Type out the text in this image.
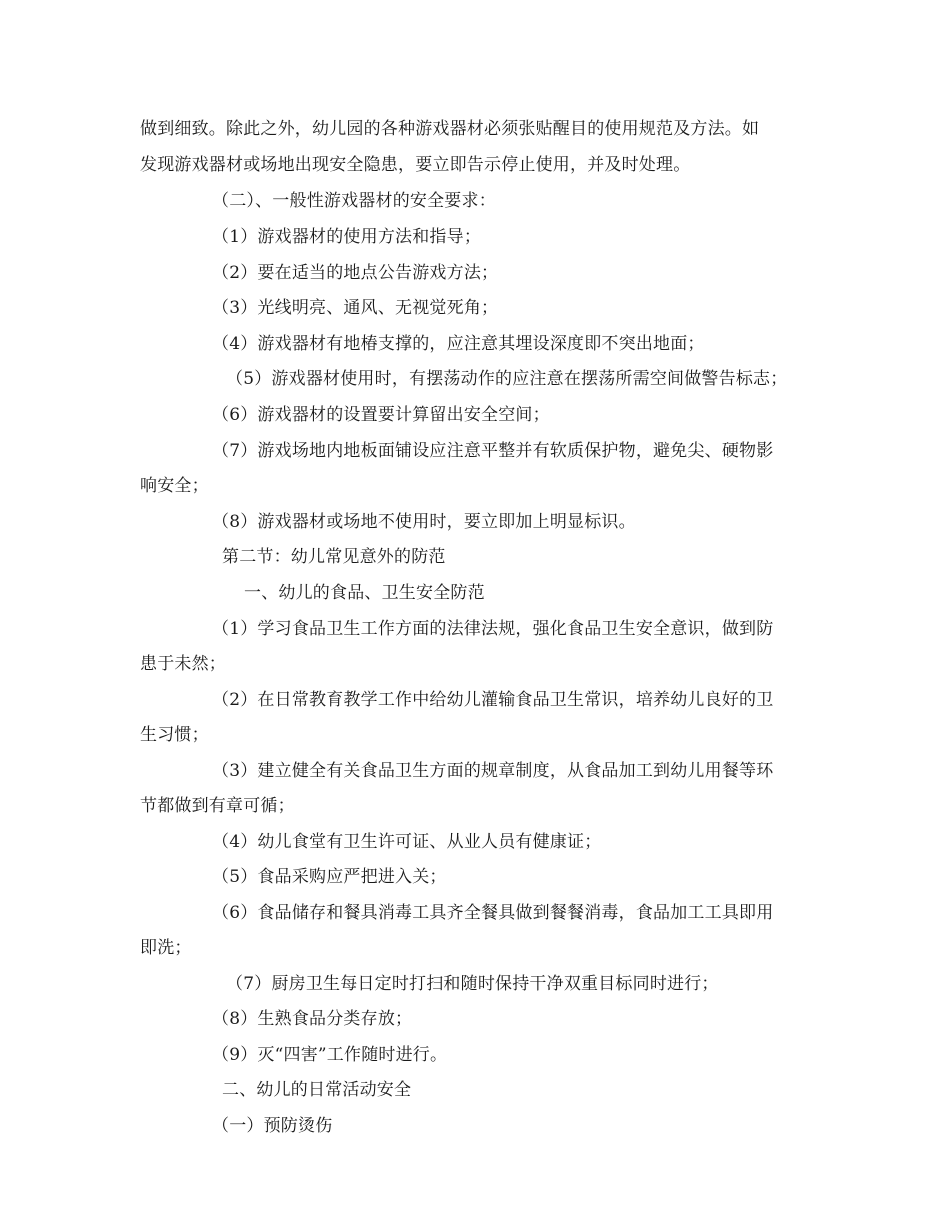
做到细致。除此之外，幼儿园的各种游戏器材必须张贴醒目的使用规范及方法。如
发现游戏器材或场地出现安全隐患，要立即告示停止使用，并及时处理。
（二）、一般性游戏器材的安全要求：
（1）游戏器材的使用方法和指导；
（2）要在适当的地点公告游戏方法；
（3）光线明亮、通风、无视觉死角；
（4）游戏器材有地椿支撑的，应注意其埋设深度即不突出地面；
（5）游戏器材使用时，有摆荡动作的应注意在摆荡所需空间做警告标志；
（6）游戏器材的设置要计算留出安全空间；
（7）游戏场地内地板面铺设应注意平整并有软质保护物，避免尖、硬物影
响安全；
（8）游戏器材或场地不使用时，要立即加上明显标识。
第二节：幼儿常见意外的防范
一、幼儿的食品、卫生安全防范
（1）学习食品卫生工作方面的法律法规，强化食品卫生安全意识，做到防
患于未然；
（2）在日常教育教学工作中给幼儿灌输食品卫生常识，培养幼儿良好的卫
生习惯；
（3）建立健全有关食品卫生方面的规章制度，从食品加工到幼儿用餐等环
节都做到有章可循；
（4）幼儿食堂有卫生许可证、从业人员有健康证；
（5）食品采购应严把进入关；
（6）食品储存和餐具消毒工具齐全餐具做到餐餐消毒，食品加工工具即用
即洗；
（7）厨房卫生每日定时打扫和随时保持干净双重目标同时进行；
（8）生熟食品分类存放；
（9）灭“四害”工作随时进行。
二、幼儿的日常活动安全
（一）预防烫伤
